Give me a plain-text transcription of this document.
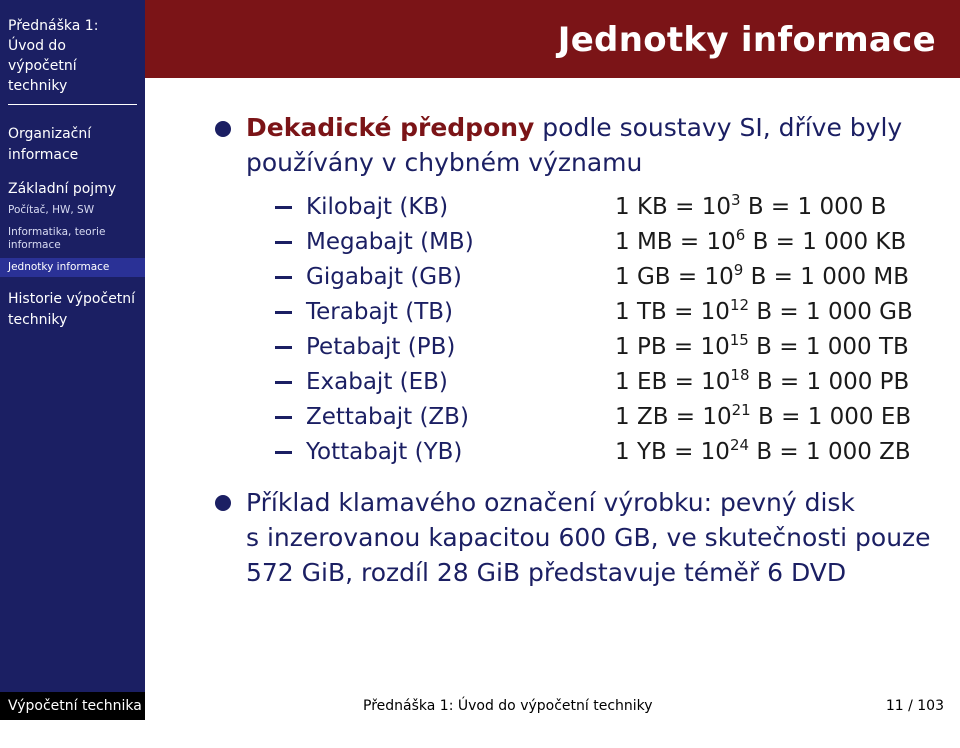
Přednáška 1:
Úvod do výpočetní
techniky
Organizační informace
Základní pojmy
Počítač, HW, SW
Informatika, teorie informace
Jednotky informace
Historie výpočetní techniky
Jednotky informace
Dekadické předpony podle soustavy SI, dříve byly
používány v chybném významu
Kilobajt (KB)	1 KB = $10^3$ B = 1 000 B
Megabajt (MB)	1 MB = $10^6$ B = 1 000 KB
Gigabajt (GB)	1 GB = $10^9$ B = 1 000 MB
Terabajt (TB)	1 TB = $10^{12}$ B = 1 000 GB
Petabajt (PB)	1 PB = $10^{15}$ B = 1 000 TB
Exabajt (EB)	1 EB = $10^{18}$ B = 1 000 PB
Zettabajt (ZB)	1 ZB = $10^{21}$ B = 1 000 EB
Yottabajt (YB)	1 YB = $10^{24}$ B = 1 000 ZB
Příklad klamavého označení výrobku: pevný disk
s inzerovanou kapacitou 600 GB, ve skutečnosti pouze
572 GiB, rozdíl 28 GiB představuje téměř 6 DVD
Výpočetní technika I
Přednáška 1: Úvod do výpočetní techniky	11 / 103
